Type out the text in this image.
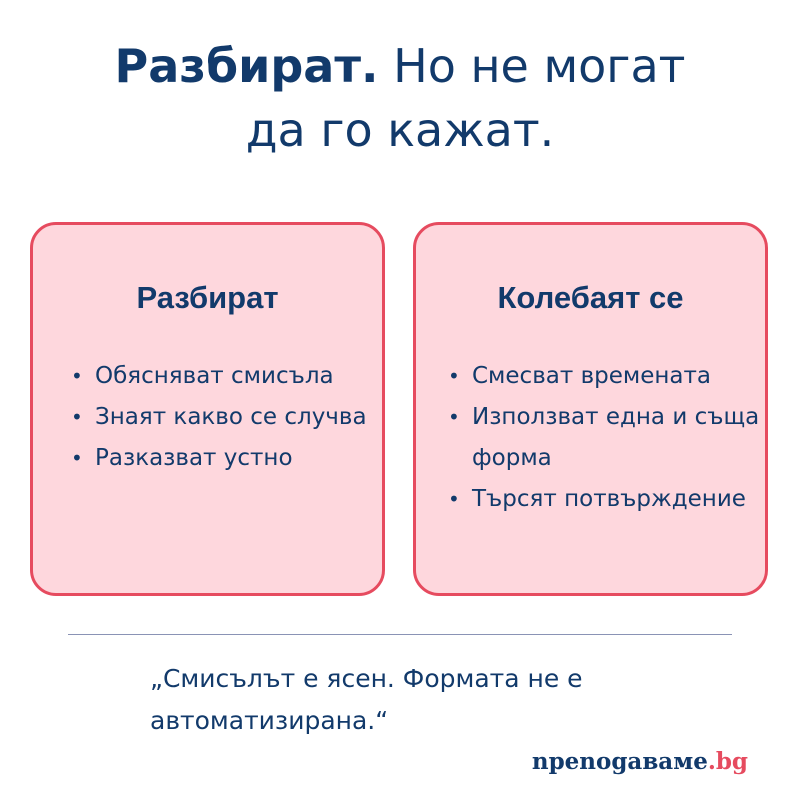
Разбират. Но не могат
да го кажат.
Разбират
• Обясняват смисъла
• Знаят какво се случва
• Разказват устно
Колебаят се
• Смесват времената
• Използват една и съща форма
• Търсят потвърждение
„Смисълът е ясен. Формата не е автоматизирана.“
npenogaвaмe.bg
